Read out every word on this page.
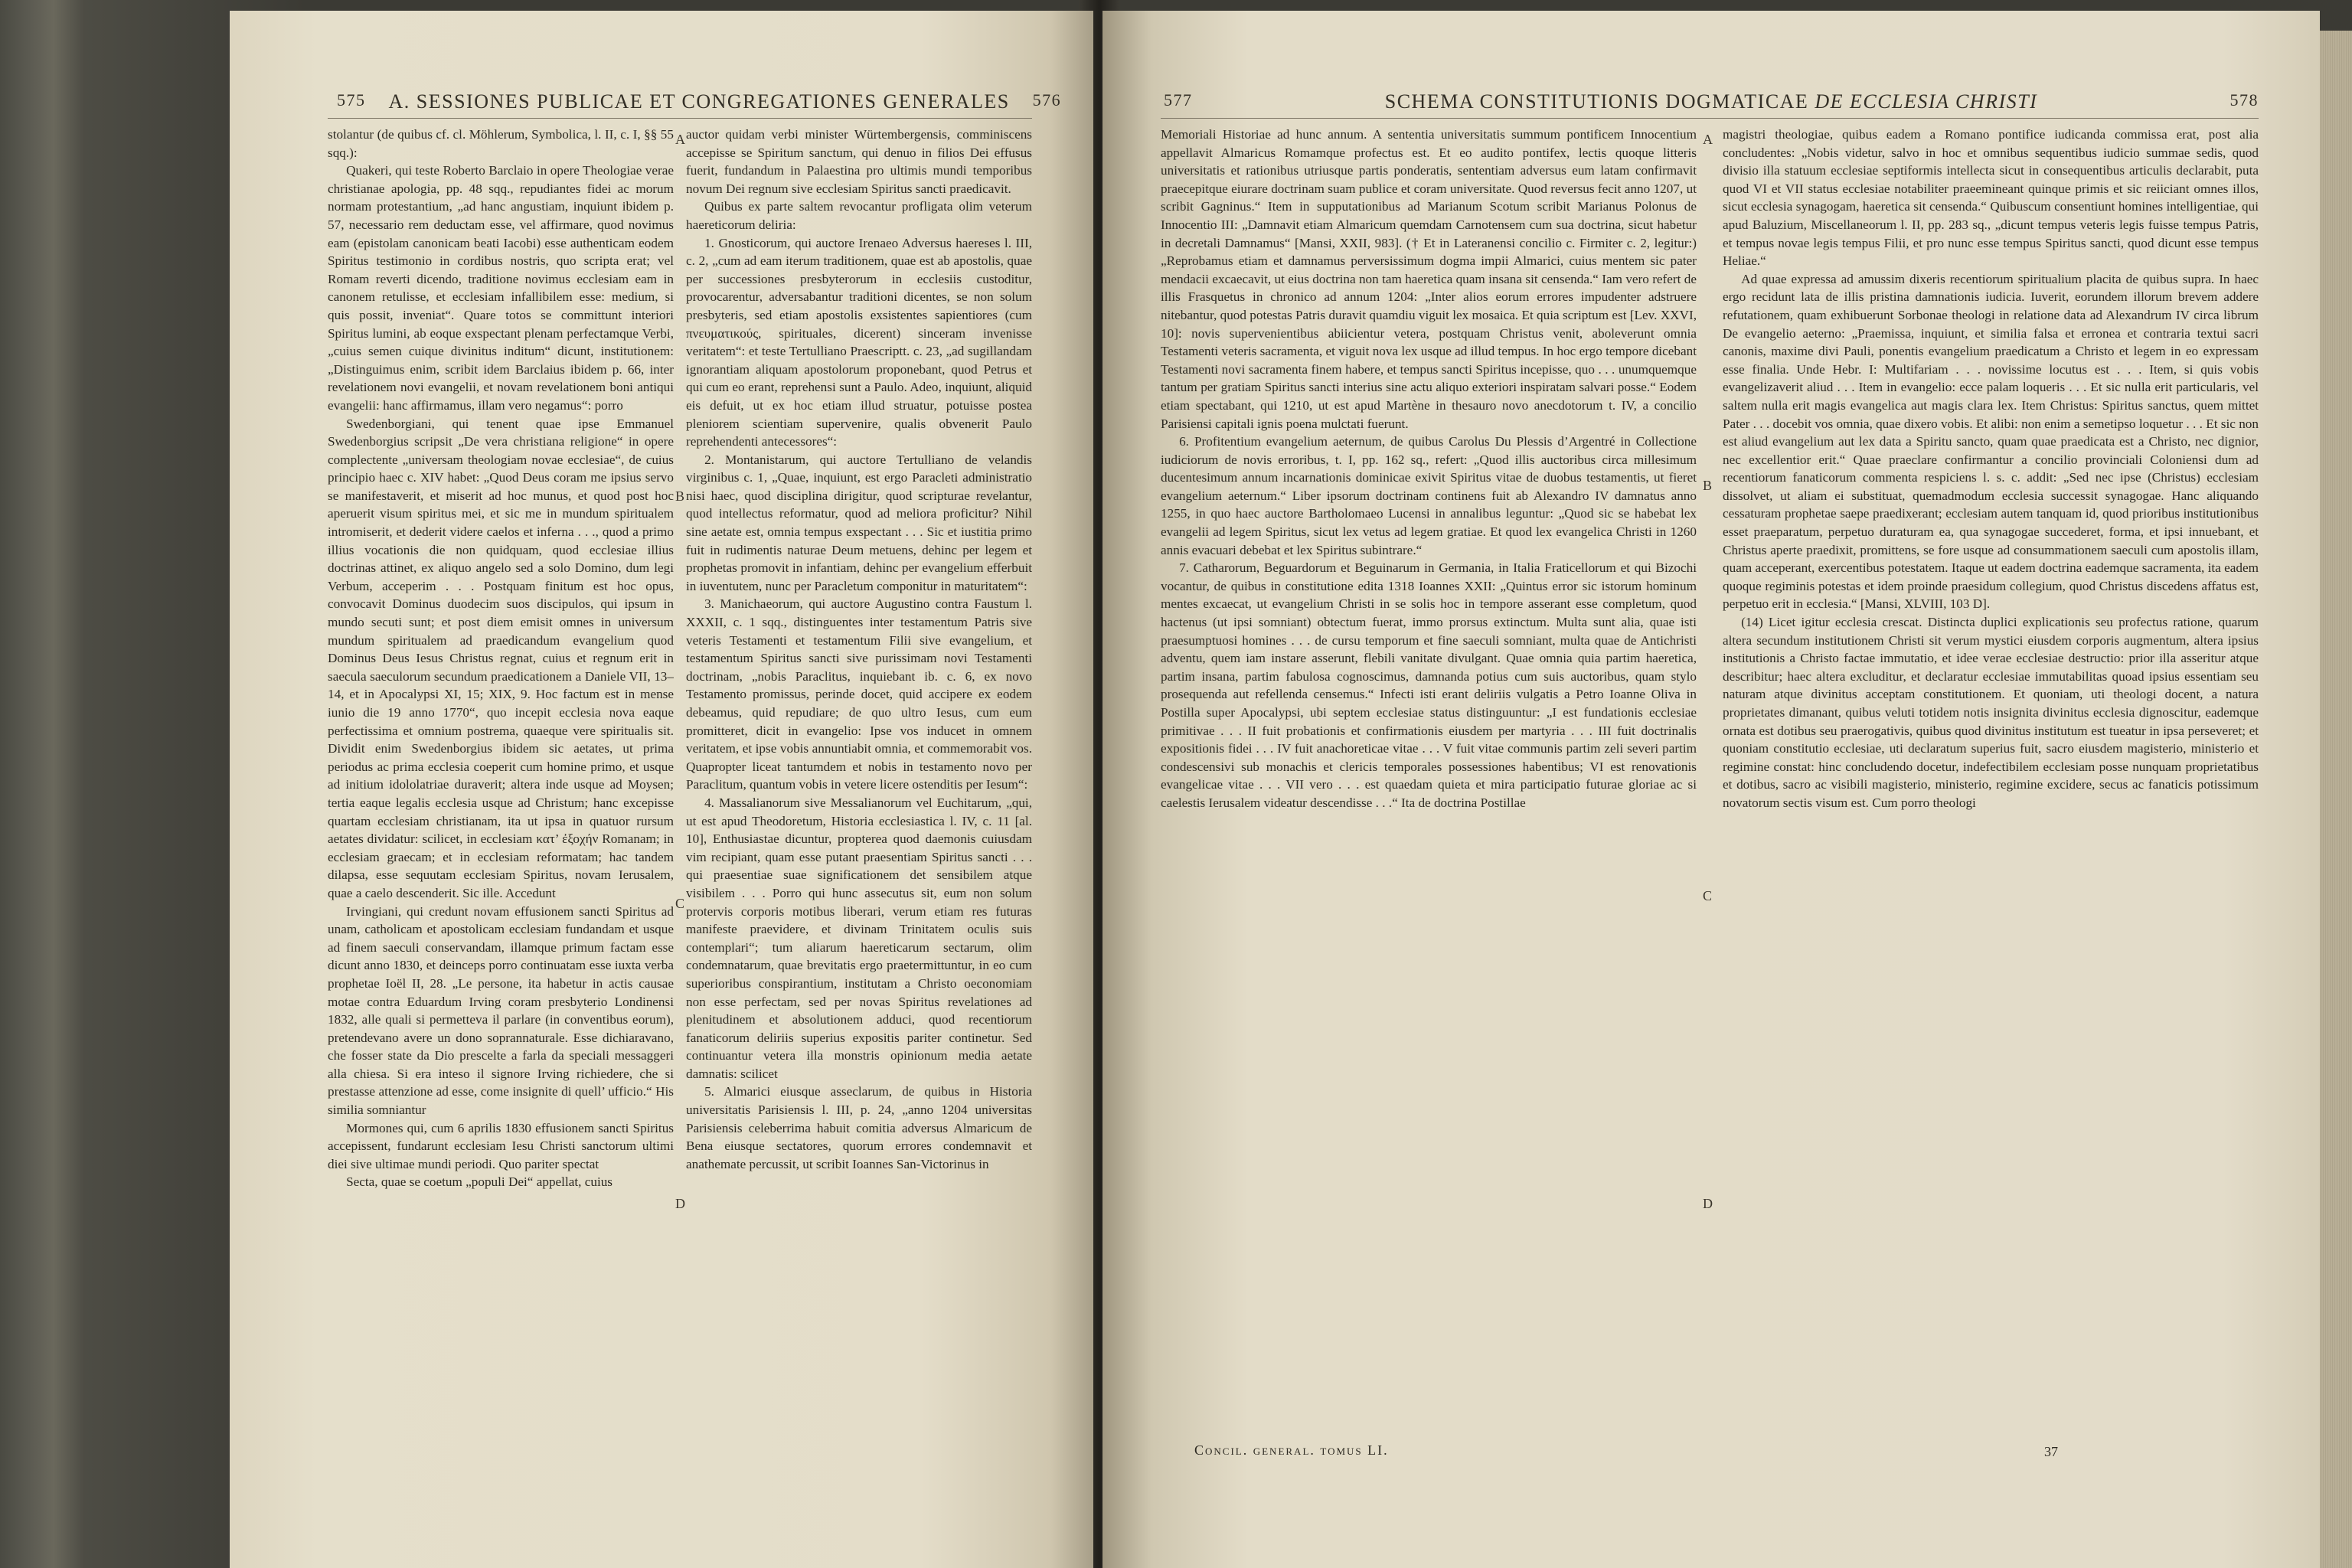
575 A. SESSIONES PUBLICAE ET CONGREGATIONES GENERALES 576

stolantur (de quibus cf. cl. Möhlerum, Symbolica, l. II, c. I, §§ 55 sqq.):

Quakeri, qui teste Roberto Barclaio in opere Theologiae verae christianae apologia, pp. 48 sqq., repudiantes fidei ac morum normam protestantium, „ad hanc angustiam, inquiunt ibidem p. 57, necessario rem deductam esse, vel affirmare, quod novimus eam (epistolam canonicam beati Iacobi) esse authenticam eodem Spiritus testimonio in cordibus nostris, quo scripta erat; vel Romam reverti dicendo, traditione novimus ecclesiam eam in canonem retulisse, et ecclesiam infallibilem esse: medium, si quis possit, inveniat“. Quare totos se committunt interiori Spiritus lumini, ab eoque exspectant plenam perfectamque Verbi, „cuius semen cuique divinitus inditum“ dicunt, institutionem: „Distinguimus enim, scribit idem Barclaius ibidem p. 66, inter revelationem novi evangelii, et novam revelationem boni antiqui evangelii: hanc affirmamus, illam vero negamus“: porro

Swedenborgiani, qui tenent quae ipse Emmanuel Swedenborgius scripsit „De vera christiana religione“ in opere complectente „universam theologiam novae ecclesiae“, de cuius principio haec c. XIV habet: „Quod Deus coram me ipsius servo se manifestaverit, et miserit ad hoc munus, et quod post hoc aperuerit visum spiritus mei, et sic me in mundum spiritualem intromiserit, et dederit videre caelos et inferna . . ., quod a primo illius vocationis die non quidquam, quod ecclesiae illius doctrinas attinet, ex aliquo angelo sed a solo Domino, dum legi Verbum, acceperim . . . Postquam finitum est hoc opus, convocavit Dominus duodecim suos discipulos, qui ipsum in mundo secuti sunt; et post diem emisit omnes in universum mundum spiritualem ad praedicandum evangelium quod Dominus Deus Iesus Christus regnat, cuius et regnum erit in saecula saeculorum secundum praedicationem a Daniele VII, 13–14, et in Apocalypsi XI, 15; XIX, 9. Hoc factum est in mense iunio die 19 anno 1770“, quo incepit ecclesia nova eaque perfectissima et omnium postrema, quaeque vere spiritualis sit. Dividit enim Swedenborgius ibidem sic aetates, ut prima periodus ac prima ecclesia coeperit cum homine primo, et usque ad initium idololatriae duraverit; altera inde usque ad Moysen; tertia eaque legalis ecclesia usque ad Christum; hanc excepisse quartam ecclesiam christianam, ita ut ipsa in quatuor rursum aetates dividatur: scilicet, in ecclesiam κατ’ ἐξοχήν Romanam; in ecclesiam graecam; et in ecclesiam reformatam; hac tandem dilapsa, esse sequutam ecclesiam Spiritus, novam Ierusalem, quae a caelo descenderit. Sic ille. Accedunt

Irvingiani, qui credunt novam effusionem sancti Spiritus ad unam, catholicam et apostolicam ecclesiam fundandam et usque ad finem saeculi conservandam, illamque primum factam esse dicunt anno 1830, et deinceps porro continuatam esse iuxta verba prophetae Ioël II, 28. „Le persone, ita habetur in actis causae motae contra Eduardum Irving coram presbyterio Londinensi 1832, alle quali si permetteva il parlare (in conventibus eorum), pretendevano avere un dono soprannaturale. Esse dichiaravano, che fosser state da Dio prescelte a farla da speciali messaggeri alla chiesa. Si era inteso il signore Irving richiedere, che si prestasse attenzione ad esse, come insignite di quell’ ufficio.“ His similia somniantur

Mormones qui, cum 6 aprilis 1830 effusionem sancti Spiritus accepissent, fundarunt ecclesiam Iesu Christi sanctorum ultimi diei sive ultimae mundi periodi. Quo pariter spectat

Secta, quae se coetum „populi Dei“ appellat, cuius

auctor quidam verbi minister Würtembergensis, comminiscens accepisse se Spiritum sanctum, qui denuo in filios Dei effusus fuerit, fundandum in Palaestina pro ultimis mundi temporibus novum Dei regnum sive ecclesiam Spiritus sancti praedicavit.

Quibus ex parte saltem revocantur profligata olim veterum haereticorum deliria:

1. Gnosticorum, qui auctore Irenaeo Adversus haereses l. III, c. 2, „cum ad eam iterum traditionem, quae est ab apostolis, quae per successiones presbyterorum in ecclesiis custoditur, provocarentur, adversabantur traditioni dicentes, se non solum presbyteris, sed etiam apostolis exsistentes sapientiores (cum πνευματικούς, spirituales, dicerent) sinceram invenisse veritatem“: et teste Tertulliano Praescriptt. c. 23, „ad sugillandam ignorantiam aliquam apostolorum proponebant, quod Petrus et qui cum eo erant, reprehensi sunt a Paulo. Adeo, inquiunt, aliquid eis defuit, ut ex hoc etiam illud struatur, potuisse postea pleniorem scientiam supervenire, qualis obvenerit Paulo reprehendenti antecessores“:

2. Montanistarum, qui auctore Tertulliano de velandis virginibus c. 1, „Quae, inquiunt, est ergo Paracleti administratio nisi haec, quod disciplina dirigitur, quod scripturae revelantur, quod intellectus reformatur, quod ad meliora proficitur? Nihil sine aetate est, omnia tempus exspectant . . . Sic et iustitia primo fuit in rudimentis naturae Deum metuens, dehinc per legem et prophetas promovit in infantiam, dehinc per evangelium efferbuit in iuventutem, nunc per Paracletum componitur in maturitatem“:

3. Manichaeorum, qui auctore Augustino contra Faustum l. XXXII, c. 1 sqq., distinguentes inter testamentum Patris sive veteris Testamenti et testamentum Filii sive evangelium, et testamentum Spiritus sancti sive purissimam novi Testamenti doctrinam, „nobis Paraclitus, inquiebant ib. c. 6, ex novo Testamento promissus, perinde docet, quid accipere ex eodem debeamus, quid repudiare; de quo ultro Iesus, cum eum promitteret, dicit in evangelio: Ipse vos inducet in omnem veritatem, et ipse vobis annuntiabit omnia, et commemorabit vos. Quapropter liceat tantumdem et nobis in testamento novo per Paraclitum, quantum vobis in vetere licere ostenditis per Iesum“:

4. Massalianorum sive Messalianorum vel Euchitarum, „qui, ut est apud Theodoretum, Historia ecclesiastica l. IV, c. 11 [al. 10], Enthusiastae dicuntur, propterea quod daemonis cuiusdam vim recipiant, quam esse putant praesentiam Spiritus sancti . . . qui praesentiae suae significationem det sensibilem atque visibilem . . . Porro qui hunc assecutus sit, eum non solum protervis corporis motibus liberari, verum etiam res futuras manifeste praevidere, et divinam Trinitatem oculis suis contemplari“; tum aliarum haereticarum sectarum, olim condemnatarum, quae brevitatis ergo praetermittuntur, in eo cum superioribus conspirantium, institutam a Christo oeconomiam non esse perfectam, sed per novas Spiritus revelationes ad plenitudinem et absolutionem adduci, quod recentiorum fanaticorum deliriis superius expositis pariter continetur. Sed continuantur vetera illa monstris opinionum media aetate damnatis: scilicet

5. Almarici eiusque asseclarum, de quibus in Historia universitatis Parisiensis l. III, p. 24, „anno 1204 universitas Parisiensis celeberrima habuit comitia adversus Almaricum de Bena eiusque sectatores, quorum errores condemnavit et anathemate percussit, ut scribit Ioannes San-Victorinus in

A
B
C
D
577	SCHEMA CONSTITUTIONIS DOGMATICAE DE ECCLESIA CHRISTI	578

Memoriali Historiae ad hunc annum. A sententia universitatis summum pontificem Innocentium appellavit Almaricus Romamque profectus est. Et eo audito pontifex, lectis quoque litteris universitatis et rationibus utriusque partis ponderatis, sententiam adversus eum latam confirmavit praecepitque eiurare doctrinam suam publice et coram universitate. Quod reversus fecit anno 1207, ut scribit Gagninus.“ Item in supputationibus ad Marianum Scotum scribit Marianus Polonus de Innocentio III: „Damnavit etiam Almaricum quemdam Carnotensem cum sua doctrina, sicut habetur in decretali Damnamus“ [Mansi, XXII, 983]. († Et in Lateranensi concilio c. Firmiter c. 2, legitur:) „Reprobamus etiam et damnamus perversissimum dogma impii Almarici, cuius mentem sic pater mendacii excaecavit, ut eius doctrina non tam haeretica quam insana sit censenda.“ Iam vero refert de illis Frasquetus in chronico ad annum 1204: „Inter alios eorum errores impudenter adstruere nitebantur, quod potestas Patris duravit quamdiu viguit lex mosaica. Et quia scriptum est [Lev. XXVI, 10]: novis supervenientibus abiicientur vetera, postquam Christus venit, aboleverunt omnia Testamenti veteris sacramenta, et viguit nova lex usque ad illud tempus. In hoc ergo tempore dicebant Testamenti novi sacramenta finem habere, et tempus sancti Spiritus incepisse, quo . . . unumquemque tantum per gratiam Spiritus sancti interius sine actu aliquo exteriori inspiratam salvari posse.“ Eodem etiam spectabant, qui 1210, ut est apud Martène in thesauro novo anecdotorum t. IV, a concilio Parisiensi capitali ignis poena mulctati fuerunt.

6. Profitentium evangelium aeternum, de quibus Carolus Du Plessis d’Argentré in Collectione iudiciorum de novis erroribus, t. I, pp. 162 sq., refert: „Quod illis auctoribus circa millesimum ducentesimum annum incarnationis dominicae exivit Spiritus vitae de duobus testamentis, ut fieret evangelium aeternum.“ Liber ipsorum doctrinam continens fuit ab Alexandro IV damnatus anno 1255, in quo haec auctore Bartholomaeo Lucensi in annalibus leguntur: „Quod sic se habebat lex evangelii ad legem Spiritus, sicut lex vetus ad legem gratiae. Et quod lex evangelica Christi in 1260 annis evacuari debebat et lex Spiritus subintrare.“

7. Catharorum, Beguardorum et Beguinarum in Germania, in Italia Fraticellorum et qui Bizochi vocantur, de quibus in constitutione edita 1318 Ioannes XXII: „Quintus error sic istorum hominum mentes excaecat, ut evangelium Christi in se solis hoc in tempore asserant esse completum, quod hactenus (ut ipsi somniant) obtectum fuerat, immo prorsus extinctum. Multa sunt alia, quae isti praesumptuosi homines . . . de cursu temporum et fine saeculi somniant, multa quae de Antichristi adventu, quem iam instare asserunt, flebili vanitate divulgant. Quae omnia quia partim haeretica, partim insana, partim fabulosa cognoscimus, damnanda potius cum suis auctoribus, quam stylo prosequenda aut refellenda censemus.“ Infecti isti erant deliriis vulgatis a Petro Ioanne Oliva in Postilla super Apocalypsi, ubi septem ecclesiae status distinguuntur: „I est fundationis ecclesiae primitivae . . . II fuit probationis et confirmationis eiusdem per martyria . . . III fuit doctrinalis expositionis fidei . . . IV fuit anachoreticae vitae . . . V fuit vitae communis partim zeli severi partim condescensivi sub monachis et clericis temporales possessiones habentibus; VI est renovationis evangelicae vitae . . . VII vero . . . est quaedam quieta et mira participatio futurae gloriae ac si caelestis Ierusalem videatur descendisse . . .“ Ita de doctrina Postillae

magistri theologiae, quibus eadem a Romano pontifice iudicanda commissa erat, post alia concludentes: „Nobis videtur, salvo in hoc et omnibus sequentibus iudicio summae sedis, quod divisio illa statuum ecclesiae septiformis intellecta sicut in consequentibus articulis declarabit, puta quod VI et VII status ecclesiae notabiliter praeemineant quinque primis et sic reiiciant omnes illos, sicut ecclesia synagogam, haeretica sit censenda.“ Quibuscum consentiunt homines intelligentiae, qui apud Baluzium, Miscellaneorum l. II, pp. 283 sq., „dicunt tempus veteris legis fuisse tempus Patris, et tempus novae legis tempus Filii, et pro nunc esse tempus Spiritus sancti, quod dicunt esse tempus Heliae.“

Ad quae expressa ad amussim dixeris recentiorum spiritualium placita de quibus supra. In haec ergo recidunt lata de illis pristina damnationis iudicia. Iuverit, eorundem illorum brevem addere refutationem, quam exhibuerunt Sorbonae theologi in relatione data ad Alexandrum IV circa librum De evangelio aeterno: „Praemissa, inquiunt, et similia falsa et erronea et contraria textui sacri canonis, maxime divi Pauli, ponentis evangelium praedicatum a Christo et legem in eo expressam esse finalia. Unde Hebr. I: Multifariam . . . novissime locutus est . . . Item, si quis vobis evangelizaverit aliud . . . Item in evangelio: ecce palam loqueris . . . Et sic nulla erit particularis, vel saltem nulla erit magis evangelica aut magis clara lex. Item Christus: Spiritus sanctus, quem mittet Pater . . . docebit vos omnia, quae dixero vobis. Et alibi: non enim a semetipso loquetur . . . Et sic non est aliud evangelium aut lex data a Spiritu sancto, quam quae praedicata est a Christo, nec dignior, nec excellentior erit.“ Quae praeclare confirmantur a concilio provinciali Coloniensi dum ad recentiorum fanaticorum commenta respiciens l. s. c. addit: „Sed nec ipse (Christus) ecclesiam dissolvet, ut aliam ei substituat, quemadmodum ecclesia successit synagogae. Hanc aliquando cessaturam prophetae saepe praedixerant; ecclesiam autem tanquam id, quod prioribus institutionibus esset praeparatum, perpetuo duraturam ea, qua synagogae succederet, forma, et ipsi innuebant, et Christus aperte praedixit, promittens, se fore usque ad consummationem saeculi cum apostolis illam, quam acceperant, exercentibus potestatem. Itaque ut eadem doctrina eademque sacramenta, ita eadem quoque regiminis potestas et idem proinde praesidum collegium, quod Christus discedens affatus est, perpetuo erit in ecclesia.“ [Mansi, XLVIII, 103 D].

(14) Licet igitur ecclesia crescat. Distincta duplici explicationis seu profectus ratione, quarum altera secundum institutionem Christi sit verum mystici eiusdem corporis augmentum, altera ipsius institutionis a Christo factae immutatio, et idee verae ecclesiae destructio: prior illa asseritur atque describitur; haec altera excluditur, et declaratur ecclesiae immutabilitas quoad ipsius essentiam seu naturam atque divinitus acceptam constitutionem. Et quoniam, uti theologi docent, a natura proprietates dimanant, quibus veluti totidem notis insignita divinitus ecclesia dignoscitur, eademque ornata est dotibus seu praerogativis, quibus quod divinitus institutum est tueatur in ipsa perseveret; et quoniam constitutio ecclesiae, uti declaratum superius fuit, sacro eiusdem magisterio, ministerio et regimine constat: hinc concludendo docetur, indefectibilem ecclesiam posse nunquam proprietatibus et dotibus, sacro ac visibili magisterio, ministerio, regimine excidere, secus ac fanaticis potissimum novatorum sectis visum est. Cum porro theologi

A
B
C
D
Concil. general. tomus LI.	37
